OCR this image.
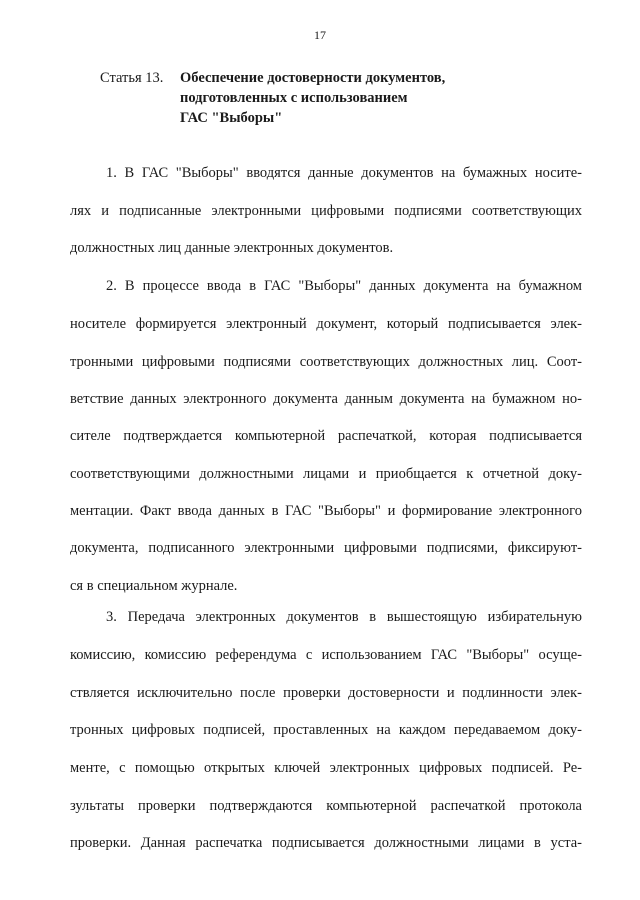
17
Статья 13. Обеспечение достоверности документов,
подготовленных с использованием
ГАС "Выборы"
1. В ГАС "Выборы" вводятся данные документов на бумажных носите-
лях и подписанные электронными цифровыми подписями соответствующих
должностных лиц данные электронных документов.
2. В процессе ввода в ГАС "Выборы" данных документа на бумажном
носителе формируется электронный документ, который подписывается элек-
тронными цифровыми подписями соответствующих должностных лиц. Соот-
ветствие данных электронного документа данным документа на бумажном но-
сителе подтверждается компьютерной распечаткой, которая подписывается
соответствующими должностными лицами и приобщается к отчетной доку-
ментации. Факт ввода данных в ГАС "Выборы" и формирование электронного
документа, подписанного электронными цифровыми подписями, фиксируют-
ся в специальном журнале.
3. Передача электронных документов в вышестоящую избирательную
комиссию, комиссию референдума с использованием ГАС "Выборы" осуще-
ствляется исключительно после проверки достоверности и подлинности элек-
тронных цифровых подписей, проставленных на каждом передаваемом доку-
менте, с помощью открытых ключей электронных цифровых подписей. Ре-
зультаты проверки подтверждаются компьютерной распечаткой протокола
проверки. Данная распечатка подписывается должностными лицами в уста-
